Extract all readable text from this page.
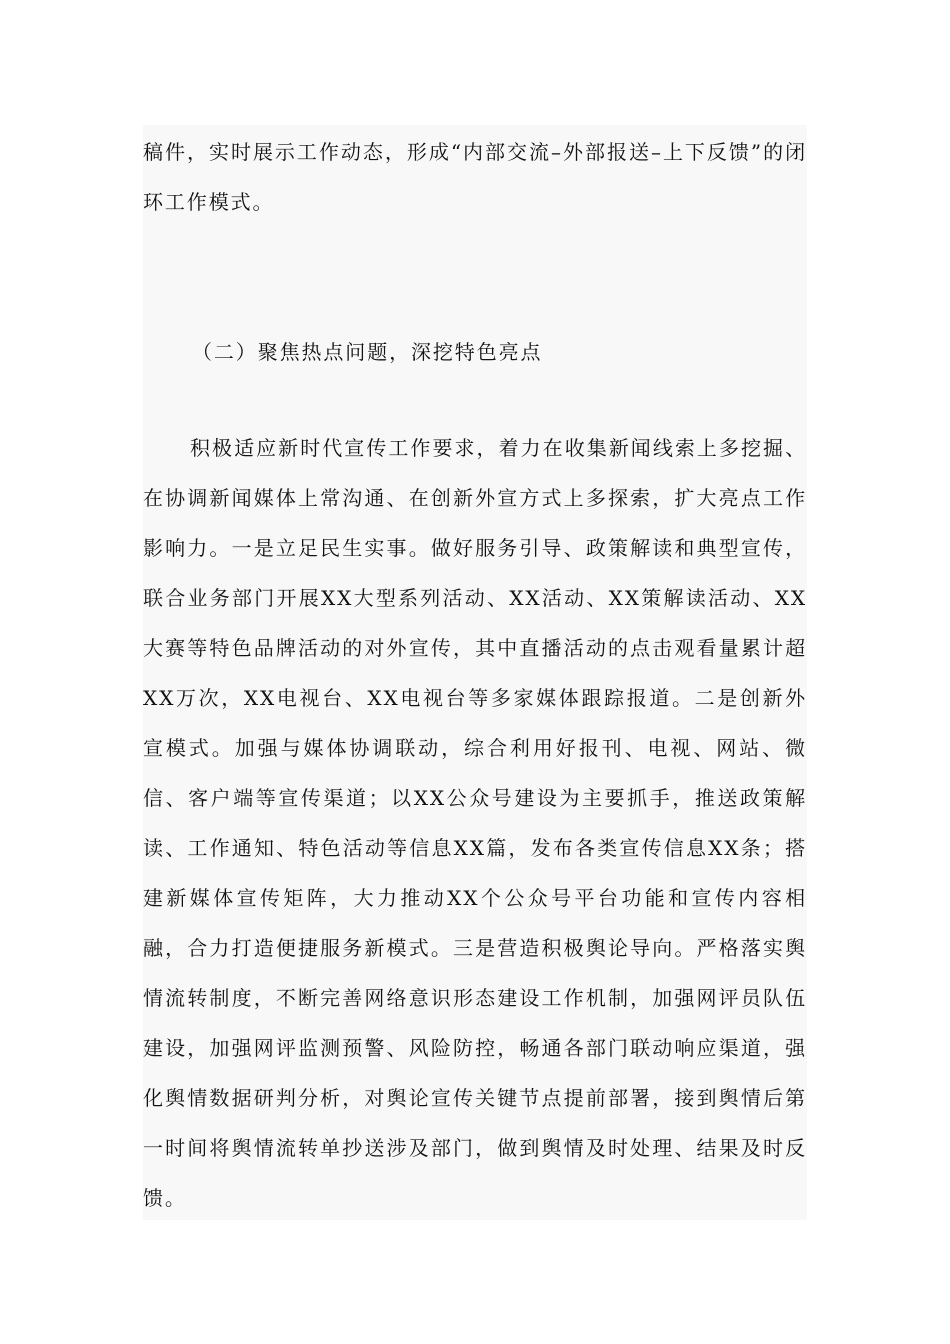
稿件，实时展示工作动态，形成“内部交流–外部报送–上下反馈”的闭环工作模式。

（二）聚焦热点问题，深挖特色亮点

积极适应新时代宣传工作要求，着力在收集新闻线索上多挖掘、在协调新闻媒体上常沟通、在创新外宣方式上多探索，扩大亮点工作影响力。一是立足民生实事。做好服务引导、政策解读和典型宣传，联合业务部门开展XX大型系列活动、XX活动、XX策解读活动、XX大赛等特色品牌活动的对外宣传，其中直播活动的点击观看量累计超XX万次，XX电视台、XX电视台等多家媒体跟踪报道。二是创新外宣模式。加强与媒体协调联动，综合利用好报刊、电视、网站、微信、客户端等宣传渠道；以XX公众号建设为主要抓手，推送政策解读、工作通知、特色活动等信息XX篇，发布各类宣传信息XX条；搭建新媒体宣传矩阵，大力推动XX个公众号平台功能和宣传内容相融，合力打造便捷服务新模式。三是营造积极舆论导向。严格落实舆情流转制度，不断完善网络意识形态建设工作机制，加强网评员队伍建设，加强网评监测预警、风险防控，畅通各部门联动响应渠道，强化舆情数据研判分析，对舆论宣传关键节点提前部署，接到舆情后第一时间将舆情流转单抄送涉及部门，做到舆情及时处理、结果及时反馈。
